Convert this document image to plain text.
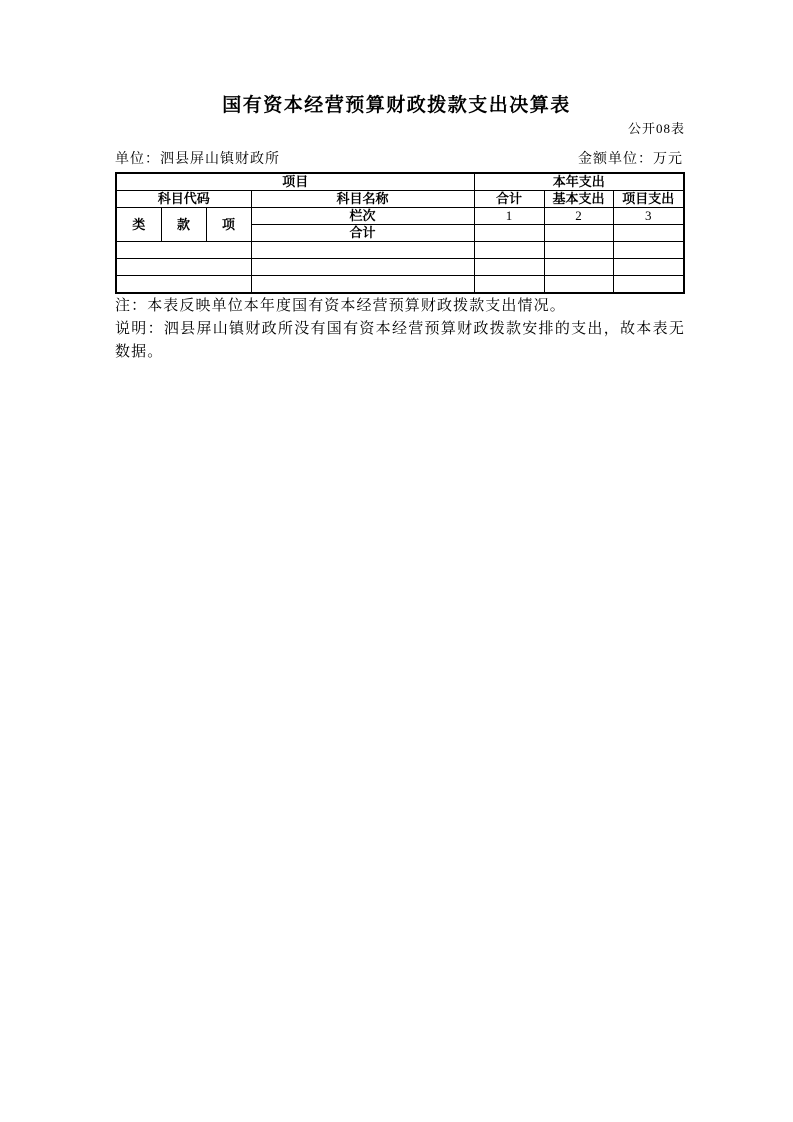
国有资本经营预算财政拨款支出决算表
公开08表
单位：泗县屏山镇财政所	金额单位：万元
项目				本年支出		
科目代码			科目名称	合计	基本支出	项目支出
类	款	项	栏次	1	2	3
			合计			

注：本表反映单位本年度国有资本经营预算财政拨款支出情况。

说明：泗县屏山镇财政所没有国有资本经营预算财政拨款安排的支出，故本表无数据。
